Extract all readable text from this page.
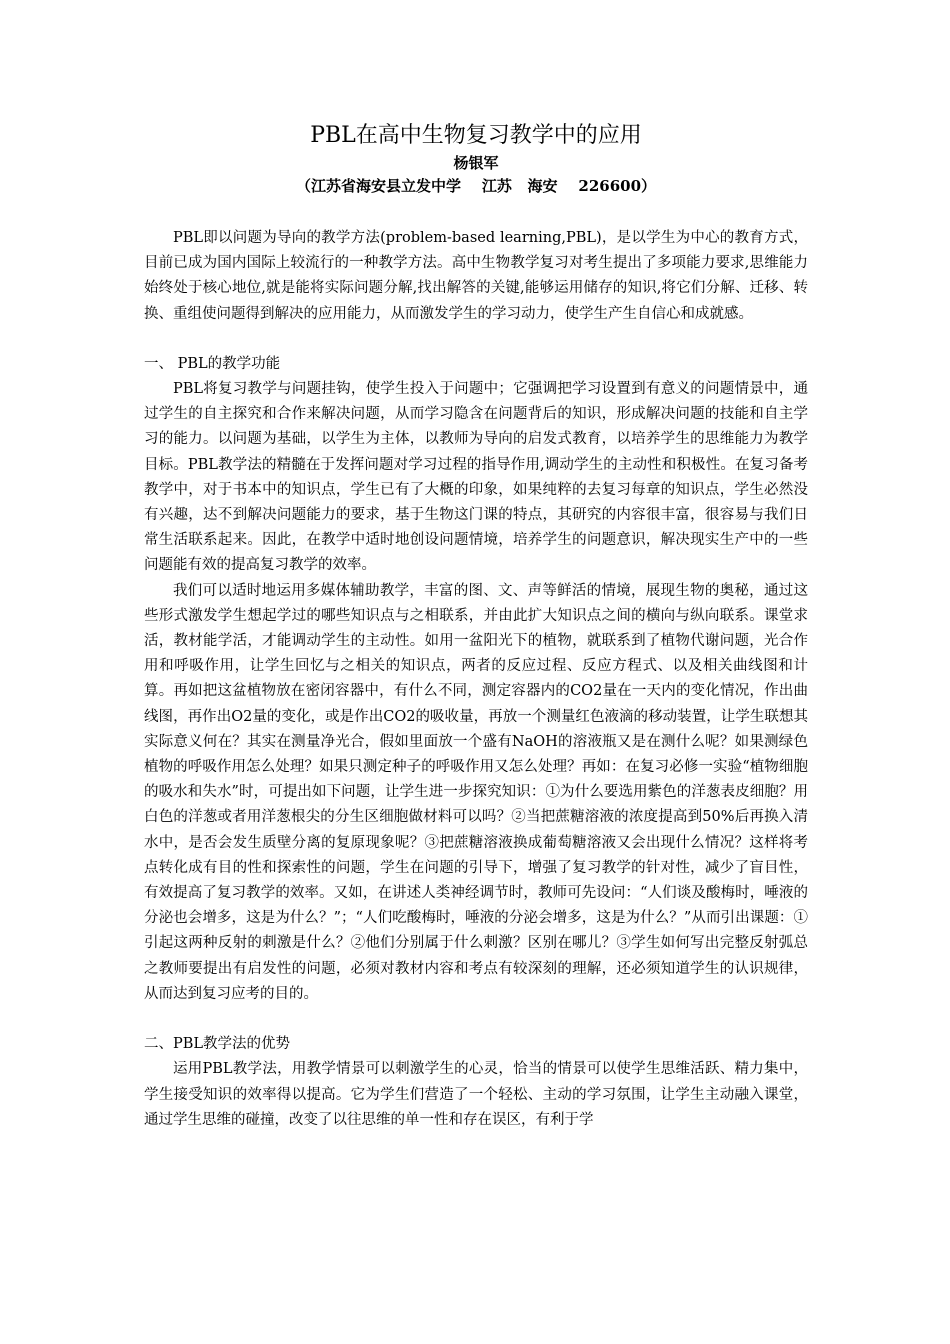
PBL在高中生物复习教学中的应用

杨银军

（江苏省海安县立发中学    江苏   海安    226600）

PBL即以问题为导向的教学方法(problem-based learning,PBL)，是以学生为中心的教育方式，目前已成为国内国际上较流行的一种教学方法。高中生物教学复习对考生提出了多项能力要求,思维能力始终处于核心地位,就是能将实际问题分解,找出解答的关键,能够运用储存的知识,将它们分解、迁移、转换、重组使问题得到解决的应用能力，从而激发学生的学习动力，使学生产生自信心和成就感。

一、 PBL的教学功能

PBL将复习教学与问题挂钩，使学生投入于问题中；它强调把学习设置到有意义的问题情景中，通过学生的自主探究和合作来解决问题，从而学习隐含在问题背后的知识，形成解决问题的技能和自主学习的能力。以问题为基础，以学生为主体，以教师为导向的启发式教育，以培养学生的思维能力为教学目标。PBL教学法的精髓在于发挥问题对学习过程的指导作用,调动学生的主动性和积极性。在复习备考教学中，对于书本中的知识点，学生已有了大概的印象，如果纯粹的去复习每章的知识点，学生必然没有兴趣，达不到解决问题能力的要求，基于生物这门课的特点，其研究的内容很丰富，很容易与我们日常生活联系起来。因此，在教学中适时地创设问题情境，培养学生的问题意识，解决现实生产中的一些问题能有效的提高复习教学的效率。

我们可以适时地运用多媒体辅助教学，丰富的图、文、声等鲜活的情境，展现生物的奥秘，通过这些形式激发学生想起学过的哪些知识点与之相联系，并由此扩大知识点之间的横向与纵向联系。课堂求活，教材能学活，才能调动学生的主动性。如用一盆阳光下的植物，就联系到了植物代谢问题，光合作用和呼吸作用，让学生回忆与之相关的知识点，两者的反应过程、反应方程式、以及相关曲线图和计算。再如把这盆植物放在密闭容器中，有什么不同，测定容器内的CO2量在一天内的变化情况，作出曲线图，再作出O2量的变化，或是作出CO2的吸收量，再放一个测量红色液滴的移动装置，让学生联想其实际意义何在？其实在测量净光合，假如里面放一个盛有NaOH的溶液瓶又是在测什么呢？如果测绿色植物的呼吸作用怎么处理？如果只测定种子的呼吸作用又怎么处理？再如：在复习必修一实验“植物细胞的吸水和失水”时，可提出如下问题，让学生进一步探究知识：①为什么要选用紫色的洋葱表皮细胞？用白色的洋葱或者用洋葱根尖的分生区细胞做材料可以吗？②当把蔗糖溶液的浓度提高到50%后再换入清水中，是否会发生质壁分离的复原现象呢？③把蔗糖溶液换成葡萄糖溶液又会出现什么情况？这样将考点转化成有目的性和探索性的问题，学生在问题的引导下，增强了复习教学的针对性，减少了盲目性，有效提高了复习教学的效率。又如，在讲述人类神经调节时，教师可先设问：“人们谈及酸梅时，唾液的分泌也会增多，这是为什么？”；“人们吃酸梅时，唾液的分泌会增多，这是为什么？”从而引出课题：①引起这两种反射的刺激是什么？②他们分别属于什么刺激？区别在哪儿？③学生如何写出完整反射弧总之教师要提出有启发性的问题，必须对教材内容和考点有较深刻的理解，还必须知道学生的认识规律，从而达到复习应考的目的。

二、PBL教学法的优势

运用PBL教学法，用教学情景可以刺激学生的心灵，恰当的情景可以使学生思维活跃、精力集中，学生接受知识的效率得以提高。它为学生们营造了一个轻松、主动的学习氛围，让学生主动融入课堂，通过学生思维的碰撞，改变了以往思维的单一性和存在误区，有利于学
